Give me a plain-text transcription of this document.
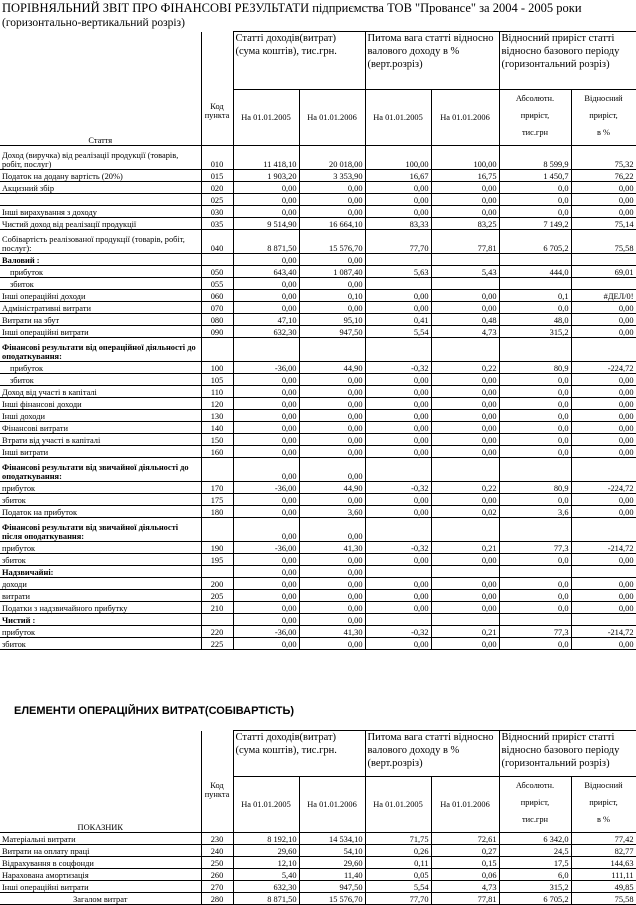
ПОРІВНЯЛЬНИЙ ЗВІТ ПРО ФІНАНСОВІ РЕЗУЛЬТАТИ підприємства ТОВ "Провансе" за 2004 - 2005 роки
(горизонтально-вертикальний розріз)
		Статті доходів(витрат) (сума коштів), тис.грн.		Питома вага статті відносно валового доходу в %(верт.розріз)		Відносний приріст статті відносно базового періоду (горизонтальний розріз)	
Стаття	Код
пункта	На 01.01.2005	На 01.01.2006	На 01.01.2005	На 01.01.2006	Абсолютн.
приріст,
тис.грн	Відносний
приріст,
в %
Доход (виручка) від реалізації продукції (товарів, робіт, послуг)	010	11 418,10	20 018,00	100,00	100,00	8 599,9	75,32
Податок на додану вартість (20%)	015	1 903,20	3 353,90	16,67	16,75	1 450,7	76,22
Акцизний збір	020	0,00	0,00	0,00	0,00	0,0	0,00
	025	0,00	0,00	0,00	0,00	0,0	0,00
Інші вирахування з доходу	030	0,00	0,00	0,00	0,00	0,0	0,00
Чистий доход від реалізації продукції	035	9 514,90	16 664,10	83,33	83,25	7 149,2	75,14
Собівартість реалізованої продукції (товарів, робіт, послуг):	040	8 871,50	15 576,70	77,70	77,81	6 705,2	75,58
Валовий :		0,00	0,00				
прибуток	050	643,40	1 087,40	5,63	5,43	444,0	69,01
збиток	055	0,00	0,00				
Інші операційні доходи	060	0,00	0,10	0,00	0,00	0,1	#ДЕЛ/0!
Адміністративні витрати	070	0,00	0,00	0,00	0,00	0,0	0,00
Витрати на збут	080	47,10	95,10	0,41	0,48	48,0	0,00
Інші операційні витрати	090	632,30	947,50	5,54	4,73	315,2	0,00
Фінансові результати від операційної діяльності до оподаткування:							
прибуток	100	-36,00	44,90	-0,32	0,22	80,9	-224,72
збиток	105	0,00	0,00	0,00	0,00	0,0	0,00
Доход від участі в капіталі	110	0,00	0,00	0,00	0,00	0,0	0,00
Інші фінансові доходи	120	0,00	0,00	0,00	0,00	0,0	0,00
Інші доходи	130	0,00	0,00	0,00	0,00	0,0	0,00
Фінансові витрати	140	0,00	0,00	0,00	0,00	0,0	0,00
Втрати від участі в капіталі	150	0,00	0,00	0,00	0,00	0,0	0,00
Інші витрати	160	0,00	0,00	0,00	0,00	0,0	0,00
Фінансові результати від звичайної діяльності до оподаткування:		0,00	0,00				
прибуток	170	-36,00	44,90	-0,32	0,22	80,9	-224,72
збиток	175	0,00	0,00	0,00	0,00	0,0	0,00
Податок на прибуток	180	0,00	3,60	0,00	0,02	3,6	0,00
Фінансові результати від звичайної діяльності після оподаткування:		0,00	0,00				
прибуток	190	-36,00	41,30	-0,32	0,21	77,3	-214,72
збиток	195	0,00	0,00	0,00	0,00	0,0	0,00
Надзвичайні:		0,00	0,00				
доходи	200	0,00	0,00	0,00	0,00	0,0	0,00
витрати	205	0,00	0,00	0,00	0,00	0,0	0,00
Податки з надзвичайного прибутку	210	0,00	0,00	0,00	0,00	0,0	0,00
Чистий :		0,00	0,00				
прибуток	220	-36,00	41,30	-0,32	0,21	77,3	-214,72
збиток	225	0,00	0,00	0,00	0,00	0,0	0,00
ЕЛЕМЕНТИ ОПЕРАЦІЙНИХ ВИТРАТ(СОБІВАРТІСТЬ)
		Статті доходів(витрат) (сума коштів), тис.грн.		Питома вага статті відносно валового доходу в %(верт.розріз)		Відносний приріст статті відносно базового періоду (горизонтальний розріз)	
ПОКАЗНИК	Код
пункта	На 01.01.2005	На 01.01.2006	На 01.01.2005	На 01.01.2006	Абсолютн.
приріст,
тис.грн	Відносний
приріст,
в %
Матеріальні витрати	230	8 192,10	14 534,10	71,75	72,61	6 342,0	77,42
Витрати на оплату праці	240	29,60	54,10	0,26	0,27	24,5	82,77
Відрахування в соцфонди	250	12,10	29,60	0,11	0,15	17,5	144,63
Нарахована амортизація	260	5,40	11,40	0,05	0,06	6,0	111,11
Інші операційні витрати	270	632,30	947,50	5,54	4,73	315,2	49,85
Загалом витрат	280	8 871,50	15 576,70	77,70	77,81	6 705,2	75,58
